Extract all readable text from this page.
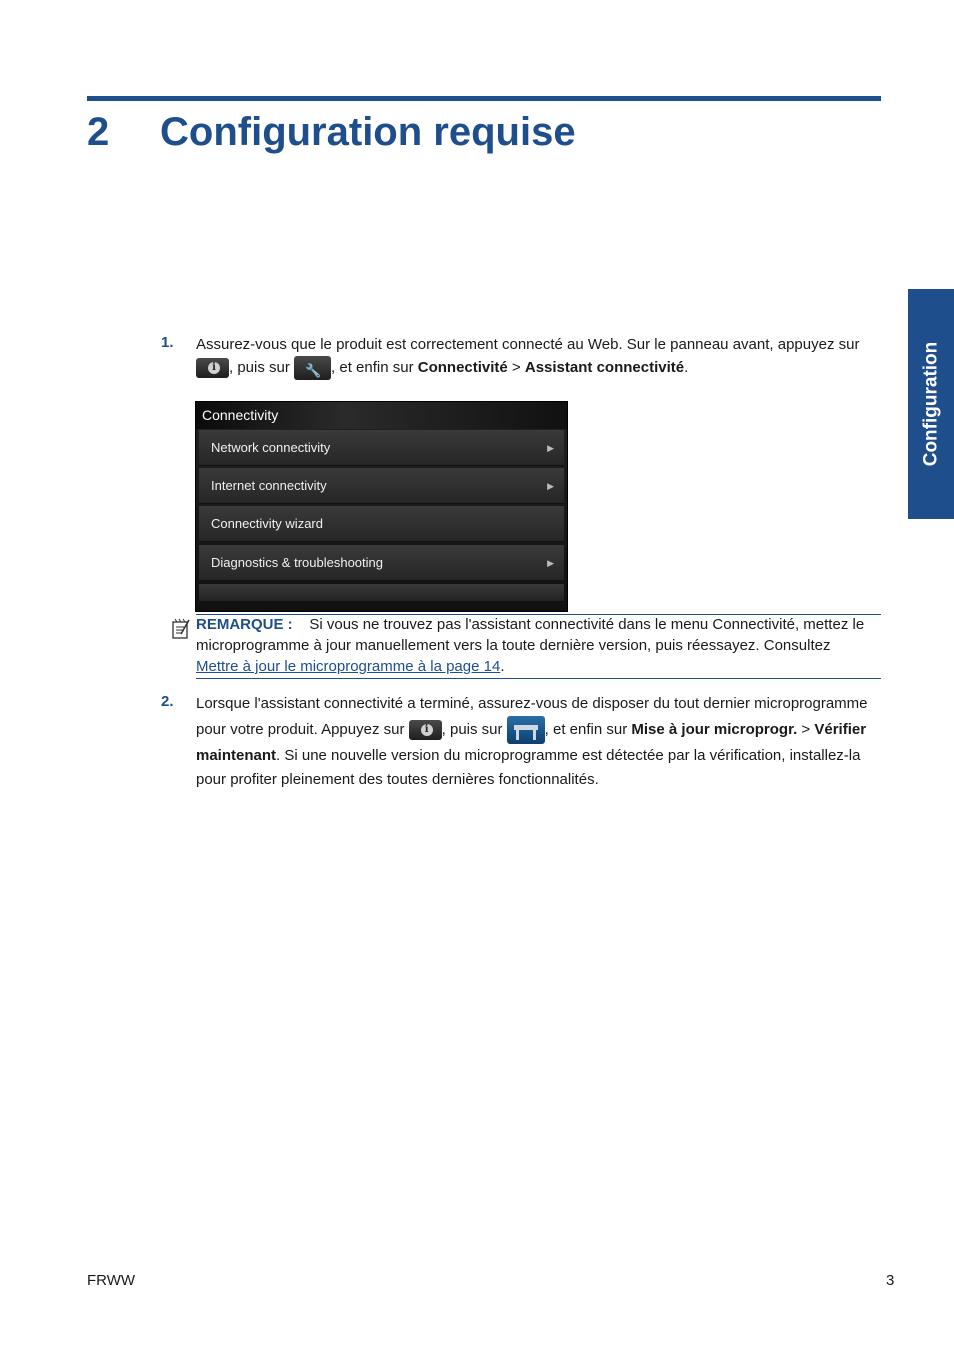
2 Configuration requise
Configuration
1. Assurez-vous que le produit est correctement connecté au Web. Sur le panneau avant, appuyez sur
i, puis sur 🔧	, et enfin sur Connectivité > Assistant connectivité.
Connectivity
Network connectivity	▶
Internet connectivity	▶
Connectivity wizard
Diagnostics & troubleshooting	▶
REMARQUE : Si vous ne trouvez pas l'assistant connectivité dans le menu Connectivité, mettez le microprogramme à jour manuellement vers la toute dernière version, puis réessayez. Consultez
Mettre à jour le microprogramme à la page 14.
2. Lorsque l'assistant connectivité a terminé, assurez-vous de disposer du tout dernier microprogramme pour votre produit. Appuyez sur i , puis sur	, et enfin sur Mise à jour microprogr. > Vérifier maintenant. Si une nouvelle version du microprogramme est détectée par la vérification, installez-la pour profiter pleinement des toutes dernières fonctionnalités.
FRWW	3
